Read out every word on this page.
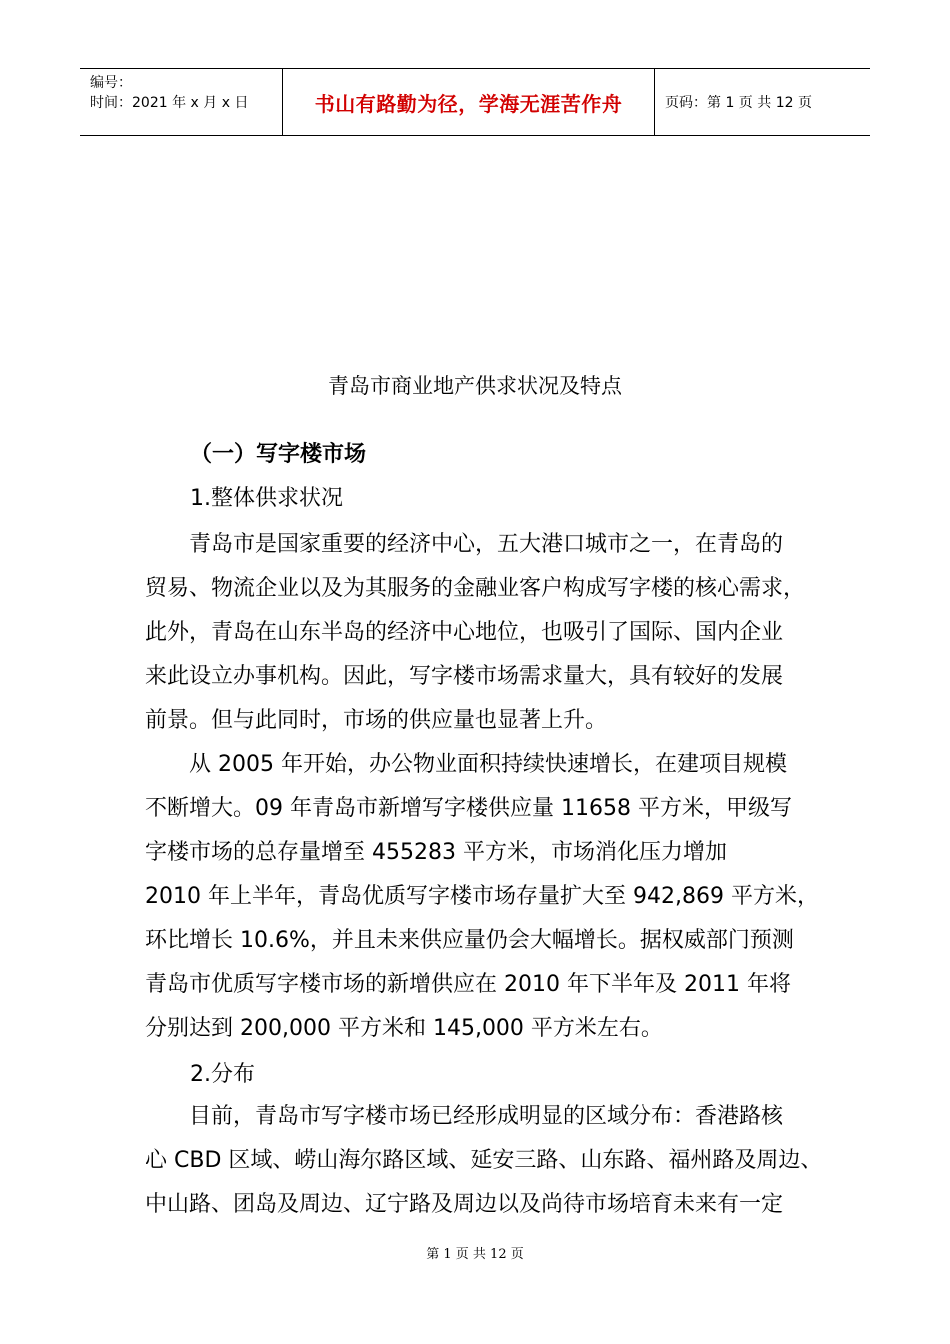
编号：
时间：2021 年 x 月 x 日	书山有路勤为径，学海无涯苦作舟	页码：第 1 页 共 12 页
青岛市商业地产供求状况及特点
（一）写字楼市场
1.整体供求状况
　　青岛市是国家重要的经济中心，五大港口城市之一，在青岛的
贸易、物流企业以及为其服务的金融业客户构成写字楼的核心需求，
此外，青岛在山东半岛的经济中心地位，也吸引了国际、国内企业
来此设立办事机构。因此，写字楼市场需求量大，具有较好的发展
前景。但与此同时，市场的供应量也显著上升。
　　从 2005 年开始，办公物业面积持续快速增长，在建项目规模
不断增大。09 年青岛市新增写字楼供应量 11658 平方米，甲级写
字楼市场的总存量增至 455283 平方米，市场消化压力增加
2010 年上半年，青岛优质写字楼市场存量扩大至 942,869 平方米，
环比增长 10.6%，并且未来供应量仍会大幅增长。据权威部门预测
青岛市优质写字楼市场的新增供应在 2010 年下半年及 2011 年将
分别达到 200,000 平方米和 145,000 平方米左右。
2.分布
　　目前，青岛市写字楼市场已经形成明显的区域分布：香港路核
心 CBD 区域、崂山海尔路区域、延安三路、山东路、福州路及周边、
中山路、团岛及周边、辽宁路及周边以及尚待市场培育未来有一定
第 1 页 共 12 页
